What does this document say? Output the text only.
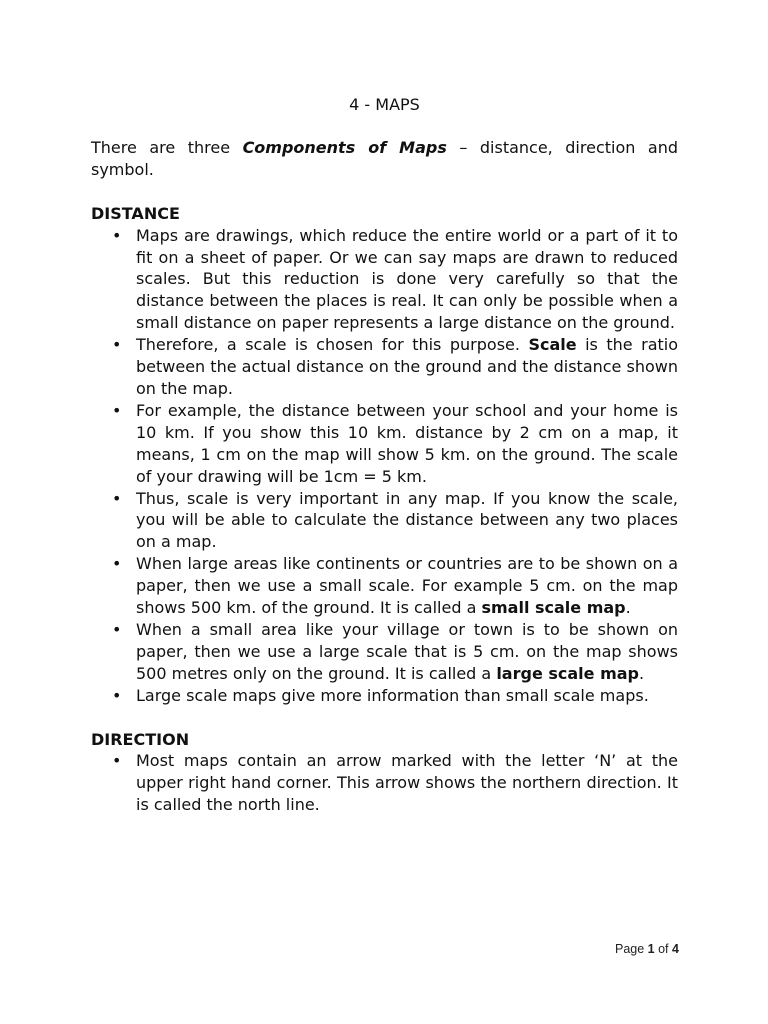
4 - MAPS

There are three Components of Maps – distance, direction and symbol.

DISTANCE

• Maps are drawings, which reduce the entire world or a part of it to fit on a sheet of paper. Or we can say maps are drawn to reduced scales. But this reduction is done very carefully so that the distance between the places is real. It can only be possible when a small distance on paper represents a large distance on the ground.
• Therefore, a scale is chosen for this purpose. Scale is the ratio between the actual distance on the ground and the distance shown on the map.
• For example, the distance between your school and your home is 10 km. If you show this 10 km. distance by 2 cm on a map, it means, 1 cm on the map will show 5 km. on the ground. The scale of your drawing will be 1cm = 5 km.
• Thus, scale is very important in any map. If you know the scale, you will be able to calculate the distance between any two places on a map.
• When large areas like continents or countries are to be shown on a paper, then we use a small scale. For example 5 cm. on the map shows 500 km. of the ground. It is called a small scale map.
• When a small area like your village or town is to be shown on paper, then we use a large scale that is 5 cm. on the map shows 500 metres only on the ground. It is called a large scale map.
• Large scale maps give more information than small scale maps.

DIRECTION

• Most maps contain an arrow marked with the letter ‘N’ at the upper right hand corner. This arrow shows the northern direction. It is called the north line.
Page 1 of 4
